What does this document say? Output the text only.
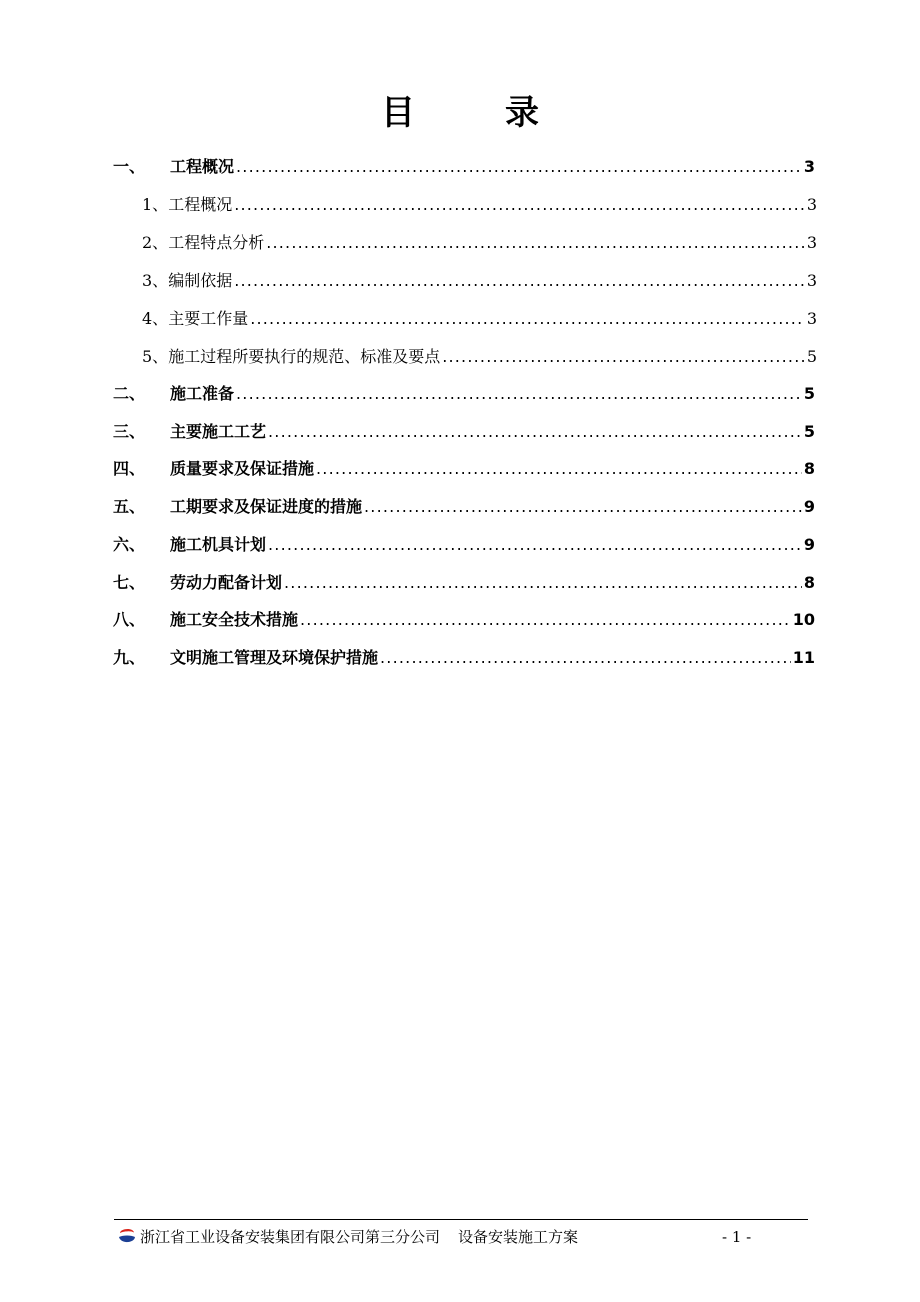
目　录
一、	工程概况 .....	3
1、 工程概况 .....	3
2、 工程特点分析 .....	3
3、 编制依据 .....	3
4、 主要工作量 .....	3
5、 施工过程所要执行的规范、标准及要点 .....	5
二、	施工准备 .....	5
三、	主要施工工艺 .....	5
四、	质量要求及保证措施 .....	8
五、	工期要求及保证进度的措施 .....	9
六、	施工机具计划 .....	9
七、	劳动力配备计划 .....	8
八、	施工安全技术措施 .....	10
九、	文明施工管理及环境保护措施 .....	11
浙江省工业设备安装集团有限公司第三分公司 设备安装施工方案	- 1 -
